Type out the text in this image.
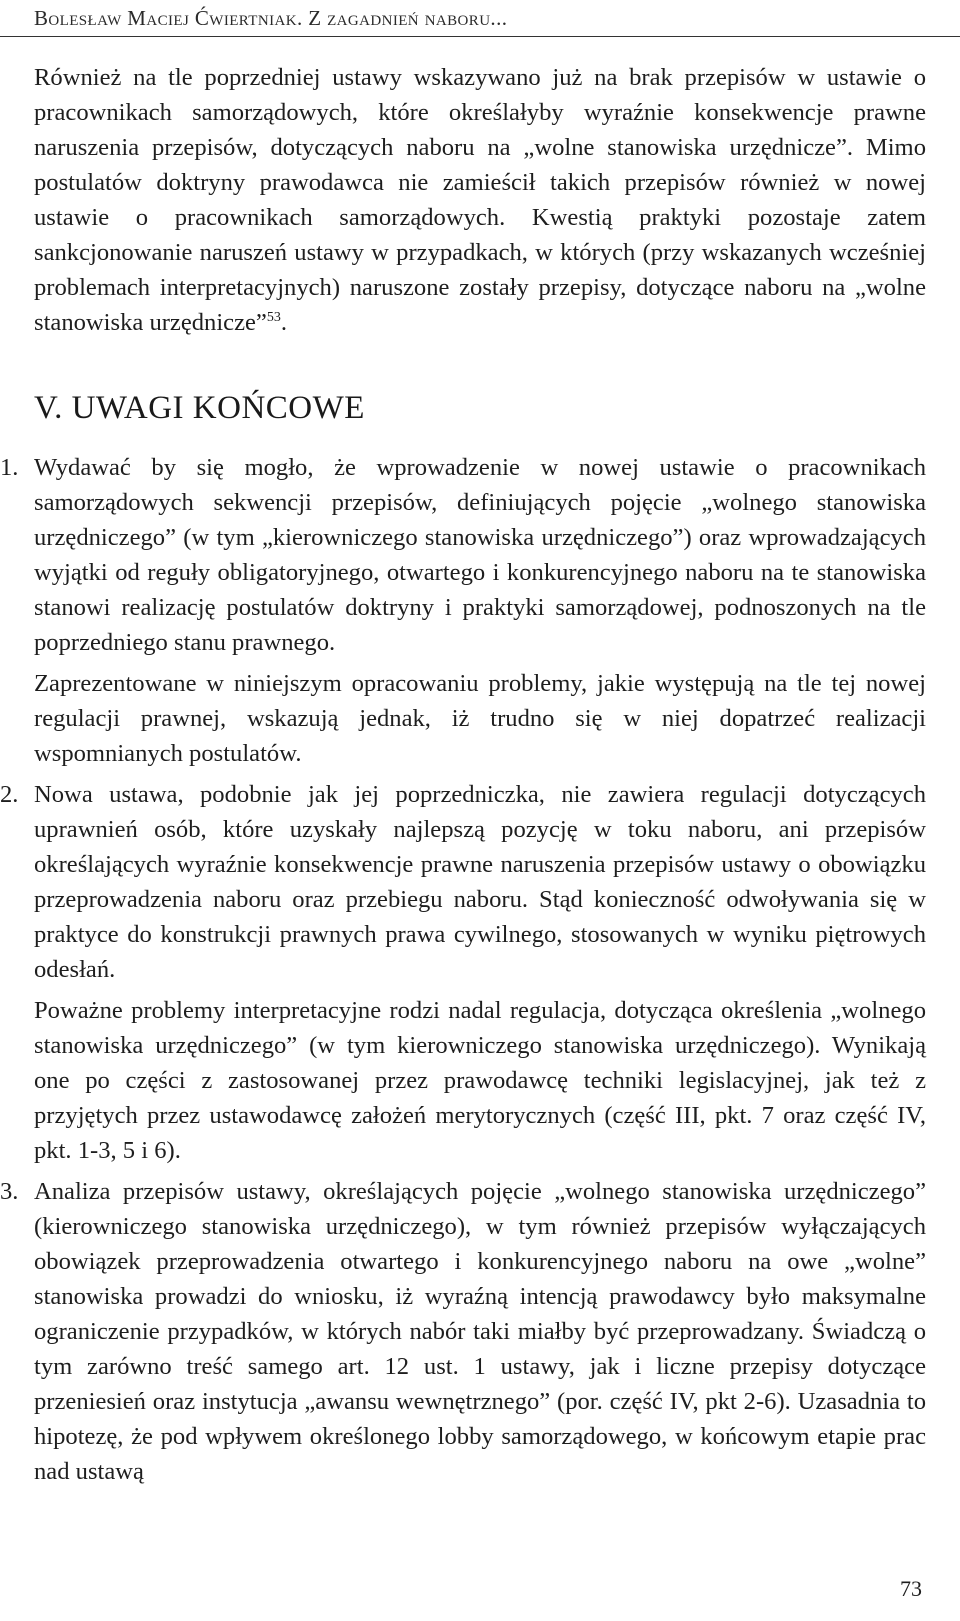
Bolesław Maciej Ćwiertniak. Z zagadnień naboru...

Również na tle poprzedniej ustawy wskazywano już na brak przepisów w ustawie o pracownikach samorządowych, które określałyby wyraźnie konsekwencje prawne naruszenia przepisów, dotyczących naboru na „wolne stanowiska urzędnicze”. Mimo postulatów doktryny prawodawca nie zamieścił takich przepisów również w nowej ustawie o pracownikach samorządowych. Kwestią praktyki pozostaje zatem sankcjonowanie naruszeń ustawy w przypadkach, w których (przy wskazanych wcześniej problemach interpretacyjnych) naruszone zostały przepisy, dotyczące naboru na „wolne stanowiska urzędnicze”$^{53}$.

V. UWAGI KOŃCOWE

1. Wydawać by się mogło, że wprowadzenie w nowej ustawie o pracownikach samorządowych sekwencji przepisów, definiujących pojęcie „wolnego stanowiska urzędniczego” (w tym „kierowniczego stanowiska urzędniczego”) oraz wprowadzających wyjątki od reguły obligatoryjnego, otwartego i konkurencyjnego naboru na te stanowiska stanowi realizację postulatów doktryny i praktyki samorządowej, podnoszonych na tle poprzedniego stanu prawnego.

Zaprezentowane w niniejszym opracowaniu problemy, jakie występują na tle tej nowej regulacji prawnej, wskazują jednak, iż trudno się w niej dopatrzeć realizacji wspomnianych postulatów.

2. Nowa ustawa, podobnie jak jej poprzedniczka, nie zawiera regulacji dotyczących uprawnień osób, które uzyskały najlepszą pozycję w toku naboru, ani przepisów określających wyraźnie konsekwencje prawne naruszenia przepisów ustawy o obowiązku przeprowadzenia naboru oraz przebiegu naboru. Stąd konieczność odwoływania się w praktyce do konstrukcji prawnych prawa cywilnego, stosowanych w wyniku piętrowych odesłań.

Poważne problemy interpretacyjne rodzi nadal regulacja, dotycząca określenia „wolnego stanowiska urzędniczego” (w tym kierowniczego stanowiska urzędniczego). Wynikają one po części z zastosowanej przez prawodawcę techniki legislacyjnej, jak też z przyjętych przez ustawodawcę założeń merytorycznych (część III, pkt. 7 oraz część IV, pkt. 1-3, 5 i 6).

3. Analiza przepisów ustawy, określających pojęcie „wolnego stanowiska urzędniczego” (kierowniczego stanowiska urzędniczego), w tym również przepisów wyłączających obowiązek przeprowadzenia otwartego i konkurencyjnego naboru na owe „wolne” stanowiska prowadzi do wniosku, iż wyraźną intencją prawodawcy było maksymalne ograniczenie przypadków, w których nabór taki miałby być przeprowadzany. Świadczą o tym zarówno treść samego art. 12 ust. 1 ustawy, jak i liczne przepisy dotyczące przeniesień oraz instytucja „awansu wewnętrznego” (por. część IV, pkt 2-6). Uzasadnia to hipotezę, że pod wpływem określonego lobby samorządowego, w końcowym etapie prac nad ustawą

73
